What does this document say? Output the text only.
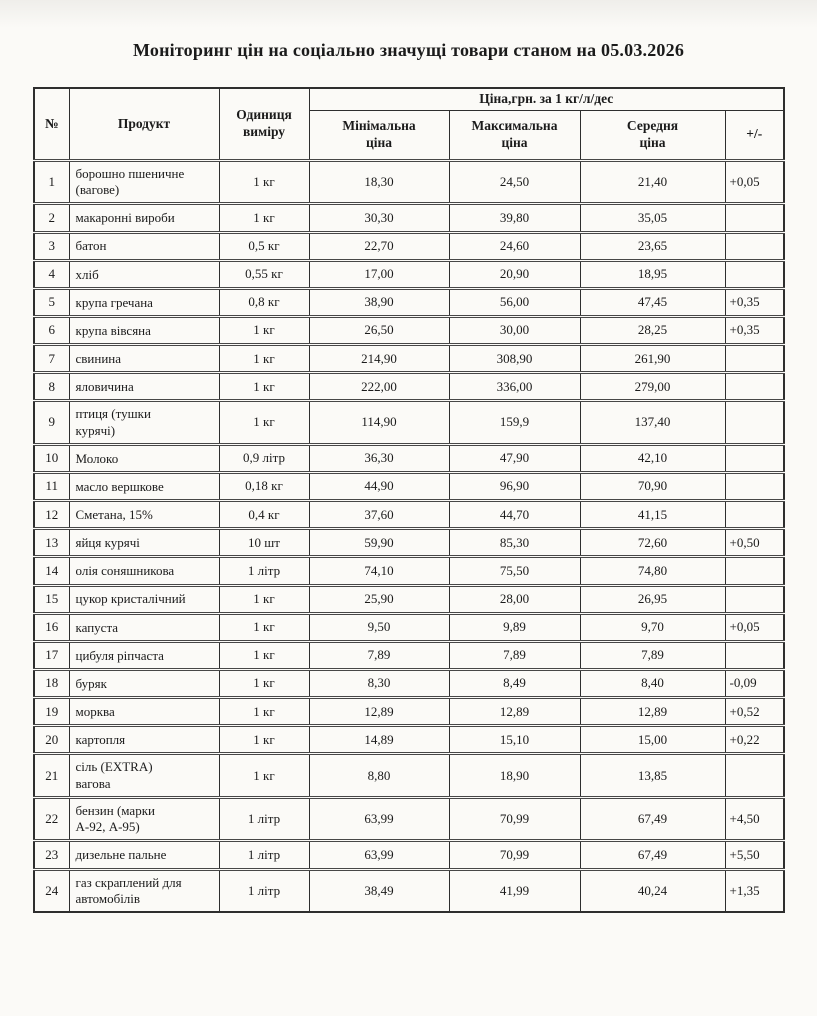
Моніторинг цін на соціально значущі товари станом на 05.03.2026
№	Продукт	Одиниця виміру	Ціна,грн. за 1 кг/л/дес			
			Мінімальна ціна	Максимальна ціна	Середня ціна	+/-
1	борошно пшеничне (вагове)	1 кг	18,30	24,50	21,40	+0,05
2	макаронні вироби	1 кг	30,30	39,80	35,05	
3	батон	0,5 кг	22,70	24,60	23,65	
4	хліб	0,55 кг	17,00	20,90	18,95	
5	крупа гречана	0,8 кг	38,90	56,00	47,45	+0,35
6	крупа вівсяна	1 кг	26,50	30,00	28,25	+0,35
7	свинина	1 кг	214,90	308,90	261,90	
8	яловичина	1 кг	222,00	336,00	279,00	
9	птиця (тушки курячі)	1 кг	114,90	159,9	137,40	
10	Молоко	0,9 літр	36,30	47,90	42,10	
11	масло вершкове	0,18 кг	44,90	96,90	70,90	
12	Сметана, 15%	0,4 кг	37,60	44,70	41,15	
13	яйця курячі	10 шт	59,90	85,30	72,60	+0,50
14	олія соняшникова	1 літр	74,10	75,50	74,80	
15	цукор кристалічний	1 кг	25,90	28,00	26,95	
16	капуста	1 кг	9,50	9,89	9,70	+0,05
17	цибуля ріпчаста	1 кг	7,89	7,89	7,89	
18	буряк	1 кг	8,30	8,49	8,40	-0,09
19	морква	1 кг	12,89	12,89	12,89	+0,52
20	картопля	1 кг	14,89	15,10	15,00	+0,22
21	сіль (EXTRA) вагова	1 кг	8,80	18,90	13,85	
22	бензин (марки А-92, А-95)	1 літр	63,99	70,99	67,49	+4,50
23	дизельне пальне	1 літр	63,99	70,99	67,49	+5,50
24	газ скраплений для автомобілів	1 літр	38,49	41,99	40,24	+1,35
